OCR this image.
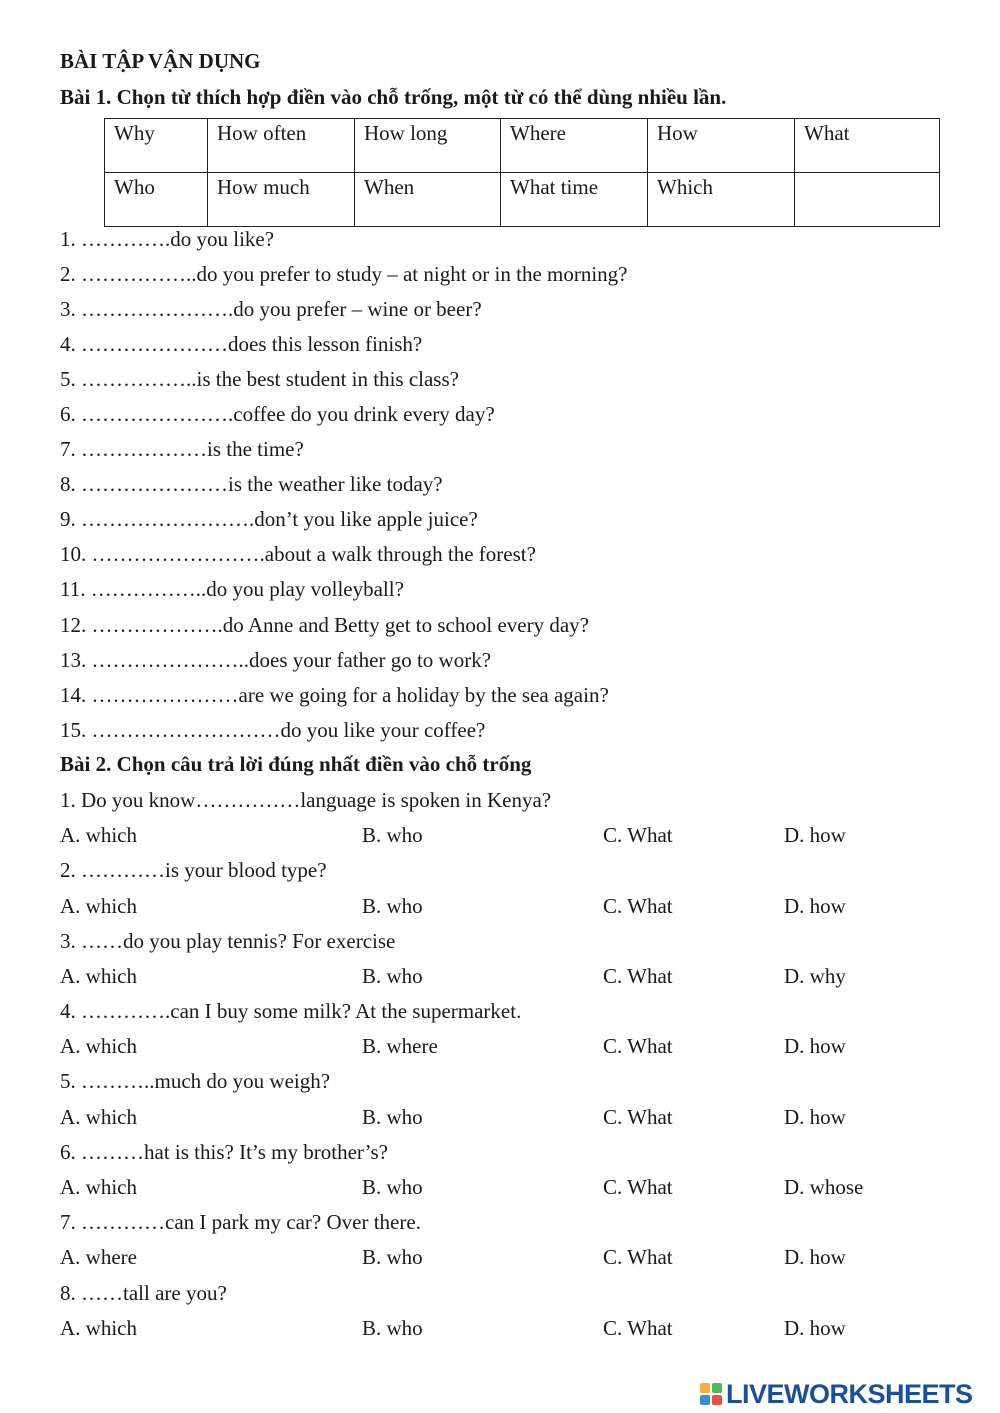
BÀI TẬP VẬN DỤNG
Bài 1. Chọn từ thích hợp điền vào chỗ trống, một từ có thể dùng nhiều lần.
Why	How often	How long	Where	How	What
Who	How much	When	What time	Which	
1. ………….do you like?
2. ……………..do you prefer to study – at night or in the morning?
3. ………………….do you prefer – wine or beer?
4. …………………does this lesson finish?
5. ……………..is the best student in this class?
6. ………………….coffee do you drink every day?
7. ………………is the time?
8. …………………is the weather like today?
9. …………………….don’t you like apple juice?
10. …………………….about a walk through the forest?
11. ……………..do you play volleyball?
12. ……………….do Anne and Betty get to school every day?
13. …………………..does your father go to work?
14. …………………are we going for a holiday by the sea again?
15. ………………………do you like your coffee?
Bài 2. Chọn câu trả lời đúng nhất điền vào chỗ trống
1. Do you know……………language is spoken in Kenya?
A. which	B. who	C. What	D. how
2. …………is your blood type?
A. which	B. who	C. What	D. how
3. ……do you play tennis? For exercise
A. which	B. who	C. What	D. why
4. ………….can I buy some milk? At the supermarket.
A. which	B. where	C. What	D. how
5. ………..much do you weigh?
A. which	B. who	C. What	D. how
6. ………hat is this? It’s my brother’s?
A. which	B. who	C. What	D. whose
7. …………can I park my car? Over there.
A. where	B. who	C. What	D. how
8. ……tall are you?
A. which	B. who	C. What	D. how
LIVEWORKSHEETS
